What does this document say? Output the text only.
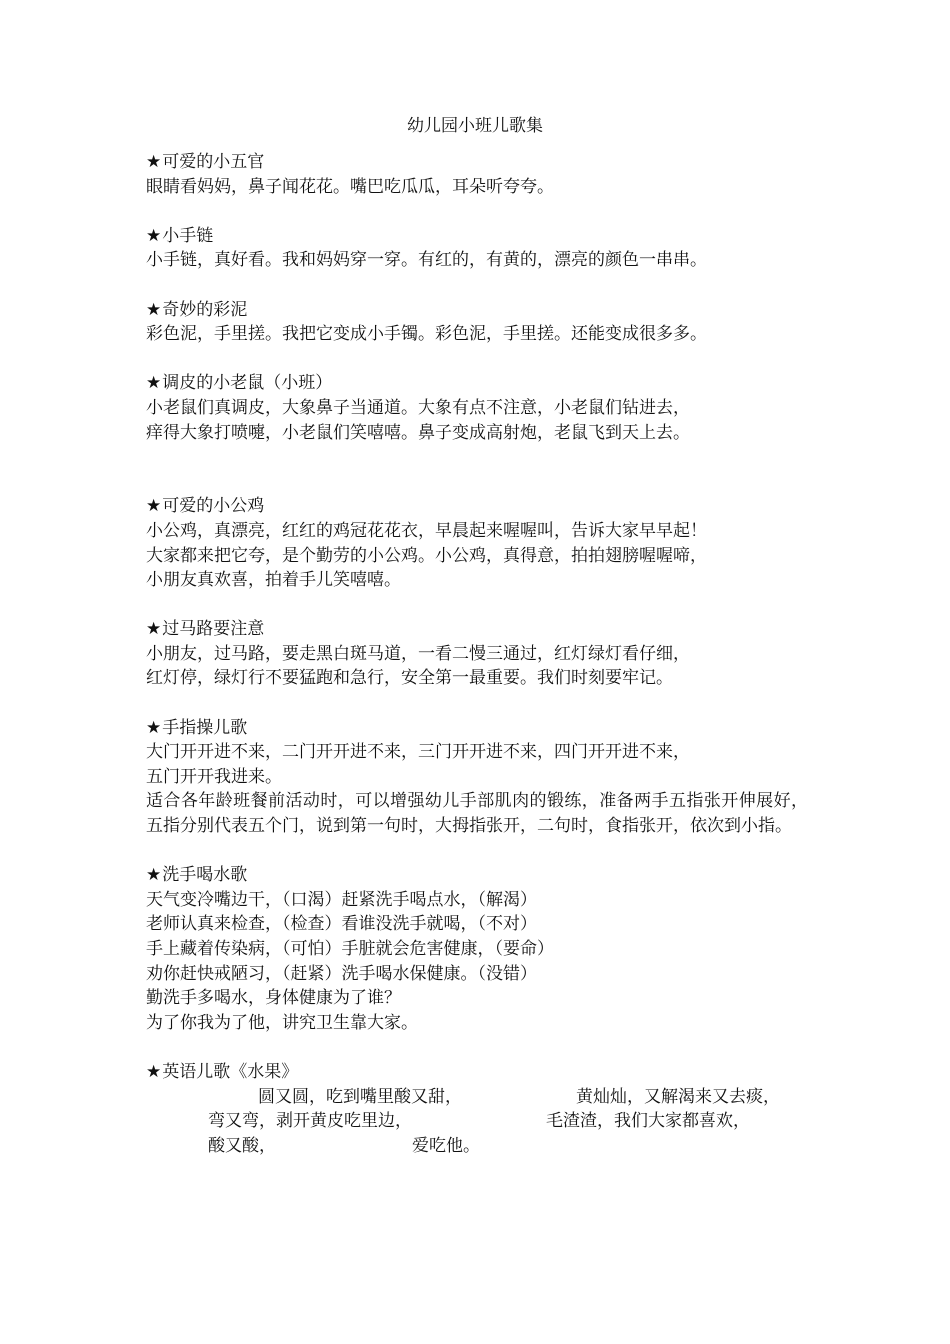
幼儿园小班儿歌集
★可爱的小五官
眼睛看妈妈，鼻子闻花花。嘴巴吃瓜瓜，耳朵听夸夸。
★小手链
小手链，真好看。我和妈妈穿一穿。有红的，有黄的，漂亮的颜色一串串。
★奇妙的彩泥
彩色泥，手里搓。我把它变成小手镯。彩色泥，手里搓。还能变成很多多。
★调皮的小老鼠（小班）
小老鼠们真调皮，大象鼻子当通道。大象有点不注意，小老鼠们钻进去，
痒得大象打喷嚏，小老鼠们笑嘻嘻。鼻子变成高射炮，老鼠飞到天上去。
★可爱的小公鸡
小公鸡，真漂亮，红红的鸡冠花花衣，早晨起来喔喔叫，告诉大家早早起！
大家都来把它夸，是个勤劳的小公鸡。小公鸡，真得意，拍拍翅膀喔喔啼，
小朋友真欢喜，拍着手儿笑嘻嘻。
★过马路要注意
小朋友，过马路，要走黑白斑马道，一看二慢三通过，红灯绿灯看仔细，
红灯停，绿灯行不要猛跑和急行，安全第一最重要。我们时刻要牢记。
★手指操儿歌
大门开开进不来，二门开开进不来，三门开开进不来，四门开开进不来，
五门开开我进来。
适合各年龄班餐前活动时，可以增强幼儿手部肌肉的锻练，准备两手五指张开伸展好，五指分别代表五个门，说到第一句时，大拇指张开，二句时，食指张开，依次到小指。
★洗手喝水歌
天气变冷嘴边干，（口渴）赶紧洗手喝点水，（解渴）
老师认真来检查，（检查）看谁没洗手就喝，（不对）
手上藏着传染病，（可怕）手脏就会危害健康，（要命）
劝你赶快戒陋习，（赶紧）洗手喝水保健康。（没错）
勤洗手多喝水，身体健康为了谁？
为了你我为了他，讲究卫生靠大家。
★英语儿歌《水果》
圆又圆，吃到嘴里酸又甜，	黄灿灿，又解渴来又去痰，
弯又弯，剥开黄皮吃里边，	毛渣渣，我们大家都喜欢，
酸又酸，	爱吃他。
